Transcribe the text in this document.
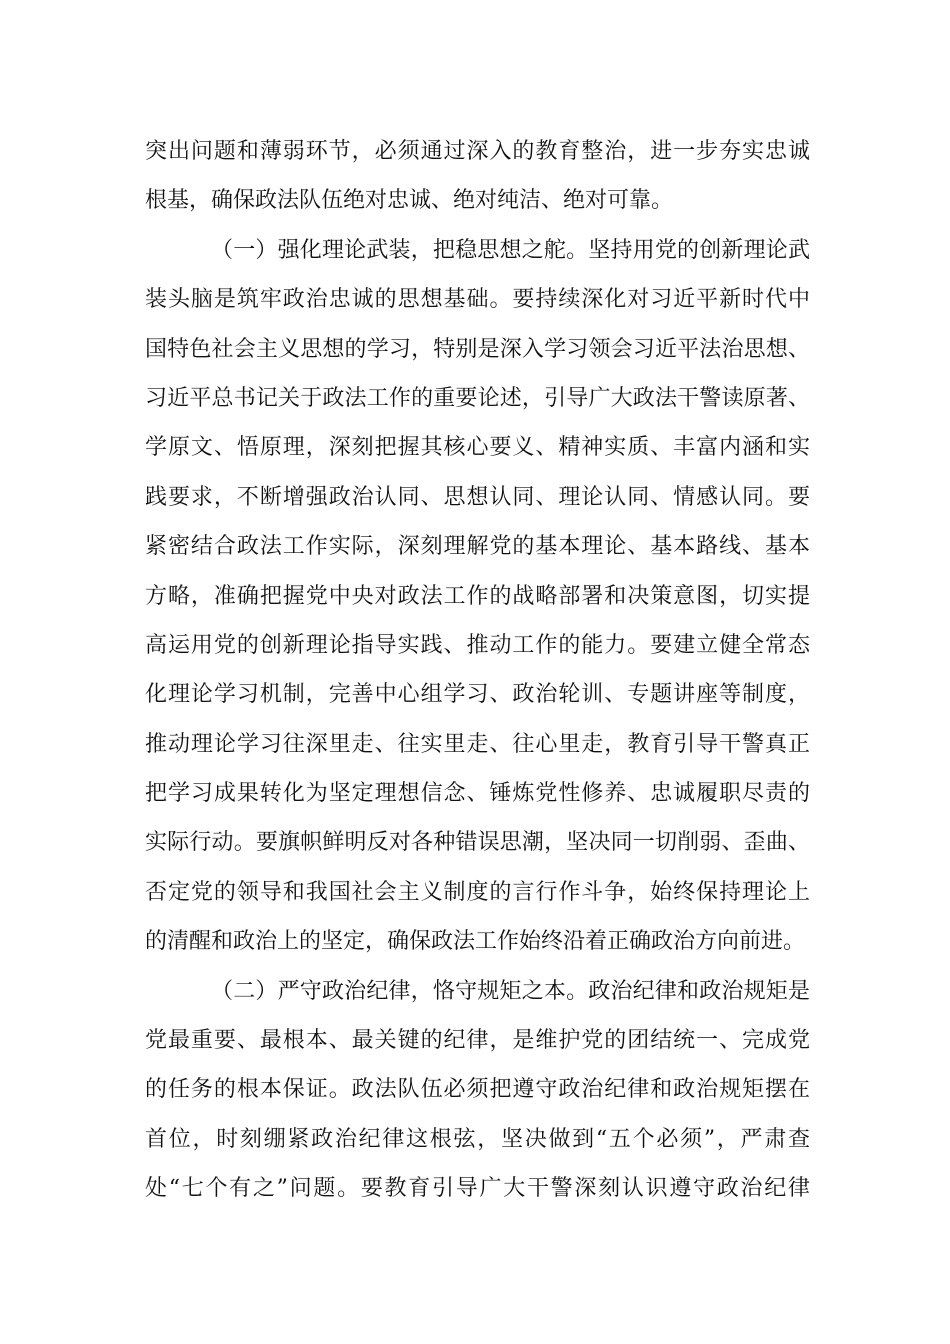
突出问题和薄弱环节，必须通过深入的教育整治，进一步夯实忠诚
根基，确保政法队伍绝对忠诚、绝对纯洁、绝对可靠。
（一）强化理论武装，把稳思想之舵。坚持用党的创新理论武
装头脑是筑牢政治忠诚的思想基础。要持续深化对习近平新时代中
国特色社会主义思想的学习，特别是深入学习领会习近平法治思想、
习近平总书记关于政法工作的重要论述，引导广大政法干警读原著、
学原文、悟原理，深刻把握其核心要义、精神实质、丰富内涵和实
践要求，不断增强政治认同、思想认同、理论认同、情感认同。要
紧密结合政法工作实际，深刻理解党的基本理论、基本路线、基本
方略，准确把握党中央对政法工作的战略部署和决策意图，切实提
高运用党的创新理论指导实践、推动工作的能力。要建立健全常态
化理论学习机制，完善中心组学习、政治轮训、专题讲座等制度，
推动理论学习往深里走、往实里走、往心里走，教育引导干警真正
把学习成果转化为坚定理想信念、锤炼党性修养、忠诚履职尽责的
实际行动。要旗帜鲜明反对各种错误思潮，坚决同一切削弱、歪曲、
否定党的领导和我国社会主义制度的言行作斗争，始终保持理论上
的清醒和政治上的坚定，确保政法工作始终沿着正确政治方向前进。
（二）严守政治纪律，恪守规矩之本。政治纪律和政治规矩是
党最重要、最根本、最关键的纪律，是维护党的团结统一、完成党
的任务的根本保证。政法队伍必须把遵守政治纪律和政治规矩摆在
首位，时刻绷紧政治纪律这根弦，坚决做到“五个必须”，严肃查
处“七个有之”问题。要教育引导广大干警深刻认识遵守政治纪律
